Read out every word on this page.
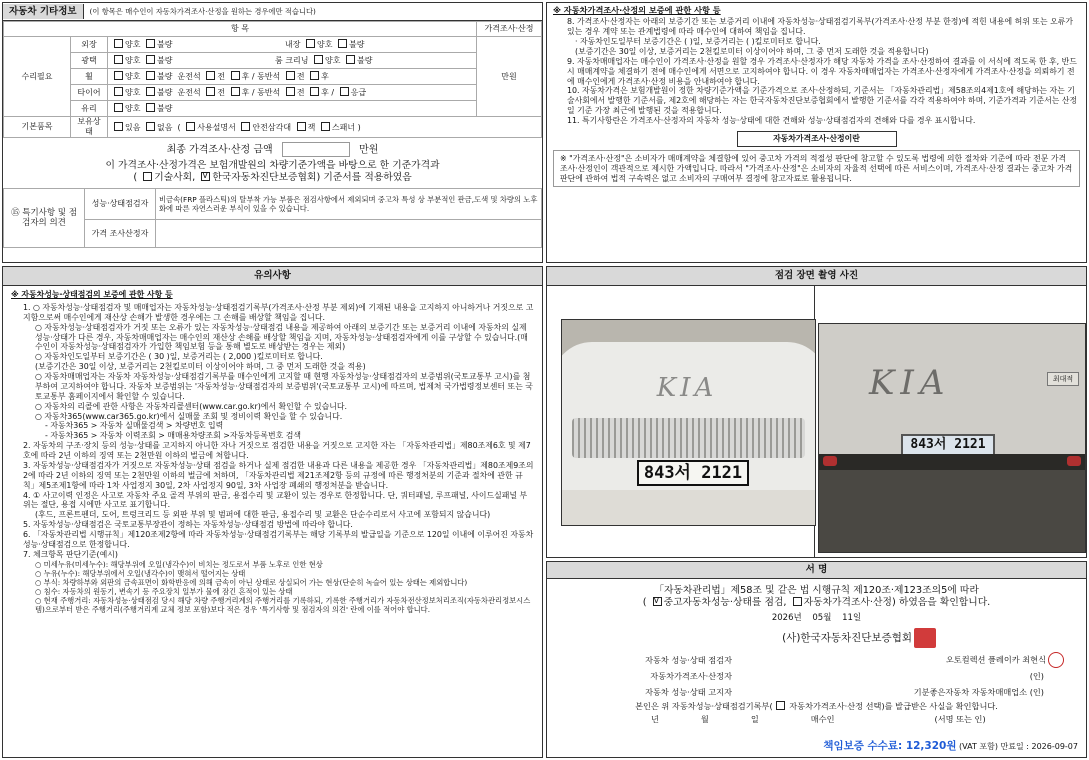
자동차 기타정보	(이 항목은 매수인이 자동차가격조사·산정을 원하는 경우에만 적습니다)
항 목			가격조사·산정
수리필요	외장	양호 불량 내장 양호 불량	만원
	광택	양호 불량 룸 크리닝 양호 불량	
	휠	양호 불량  운전석 전 후 / 동반석 전 후	
	타이어	양호 불량  운전석 전 후 / 동반석 전 후 / 응급	
	유리	양호 불량	
기본품목	보유상태	있음 없음  ( 사용설명서 안전삼각대 잭 스패너 )	
최종 가격조사·산정 금액	만원
이 가격조사·산정가격은 보험개발원의 차량기준가액을 바탕으로 한 기준가격과
( 기술사회, V한국자동차진단보증협회) 기준서를 적용하였음
⑮ 특기사항 및 점검자의 의견	성능·상태점검자	비금속(FRP 플라스틱)의 탈부착 가능 부품은 점검사항에서 제외되며 중고차 특성 상 부분적인 판금,도색 및 차량의 노후화에 따른 자연스러운 부식이 있을 수 있습니다.
	가격 조사산정자	
※ 자동차가격조사·산정의 보증에 관한 사항 등
8. 가격조사·산정자는 아래의 보증기간 또는 보증거리 이내에 자동차성능·상태점검기록부(가격조사·산정 부분 한정)에 적힌 내용에 허위 또는 오류가 있는 경우 계약 또는 관계법령에 따라 매수인에 대하여 책임을 집니다.
· 자동차인도일부터 보증기간은 ( )일, 보증거리는 ( )킬로미터로 합니다.
(보증기간은 30일 이상, 보증거리는 2천킬로미터 이상이어야 하며, 그 중 먼저 도래한 것을 적용합니다)
9. 자동차매매업자는 매수인이 가격조사·산정을 원할 경우 가격조사·산정자가 해당 자동차 가격을 조사·산정하여 결과를 이 서식에 적도록 한 후, 반드시 매매계약을 체결하기 전에 매수인에게 서면으로 고지하여야 합니다. 이 경우 자동차매매업자는 가격조사·산정자에게 가격조사·산정을 의뢰하기 전에 매수인에게 가격조사·산정 비용을 안내하여야 합니다.
10. 자동차가격은 보험개발원이 정한 차량기준가액을 기준가격으로 조사·산정하되, 기준서는 「자동차관리법」제58조의4제1호에 해당하는 자는 기술사회에서 발행한 기준서를, 제2호에 해당하는 자는 한국자동차진단보증협회에서 발행한 기준서를 각각 적용하여야 하며, 기준가격과 기준서는 산정일 기준 가장 최근에 발행된 것을 적용합니다.
11. 특기사항란은 가격조사·산정자의 자동차 성능·상태에 대한 견해와 성능·상태점검자의 견해와 다를 경우 표시합니다.
자동차가격조사·산정이란
※ "가격조사·산정"은 소비자가 매매계약을 체결함에 있어 중고차 가격의 적절성 판단에 참고할 수 있도록 법령에 의한 절차와 기준에 따라 전문 가격조사·산정인이 객관적으로 제시한 가액입니다. 따라서 "가격조사·산정"은 소비자의 자율적 선택에 따른 서비스이며, 가격조사·산정 결과는 중고차 가격판단에 관하여 법적 구속력은 없고 소비자의 구매여부 결정에 참고자료로 활용됩니다.
유의사항
※ 자동차성능·상태점검의 보증에 관한 사항 등
1. ○ 자동차성능·상태점검자 및 매매업자는 자동차성능·상태점검기록부(가격조사·산정 부분 제외)에 기재된 내용을 고지하지 아니하거나 거짓으로 고지함으로써 매수인에게 재산상 손해가 발생한 경우에는 그 손해를 배상할 책임을 집니다.
○ 자동차성능·상태점검자가 거짓 또는 오류가 있는 자동차성능·상태점검 내용을 제공하여 아래의 보증기간 또는 보증거리 이내에 자동차의 실제 성능·상태가 다른 경우, 자동차매매업자는 매수인의 재산상 손해를 배상할 책임을 지며, 자동차성능·상태점검자에게 이를 구상할 수 있습니다.(매수인이 자동차성능·상태점검자가 가입한 책임보험 등을 통해 별도로 배상받는 경우는 제외)
○ 자동차인도일부터 보증기간은 ( 30 )일, 보증거리는 ( 2,000 )킬로미터로 합니다.
(보증기간은 30일 이상, 보증거리는 2천킬로미터 이상이어야 하며, 그 중 먼저 도래한 것을 적용)
○ 자동차매매업자는 자동차 자동차성능·상태점검기록부를 매수인에게 고지할 때 현행 자동차성능·상태점검자의 보증범위(국토교통부 고시)를 첨부하여 고지하여야 합니다. 자동차 보증범위는 '자동차성능·상태점검자의 보증범위'(국토교통부 고시)에 따르며, 법제처 국가법령정보센터 또는 국토교통부 홈페이지에서 확인할 수 있습니다.
○ 자동차의 리콜에 관한 사항은 자동차리콜센터(www.car.go.kr)에서 확인할 수 있습니다.
○ 자동차365(www.car365.go.kr)에서 실매물 조회 및 정비이력 확인을 할 수 있습니다.
- 자동차365 > 자동차 실매물검색 > 차량번호 입력
- 자동차365 > 자동차 이력조회 > 매매용차량조회 >자동차등록번호 검색
2. 자동차의 구조·장치 등의 성능·상태를 고지하지 아니한 자나 거짓으로 점검한 내용을 거짓으로 고지한 자는 「자동차관리법」제80조제6호 및 제7호에 따라 2년 이하의 징역 또는 2천만원 이하의 벌금에 처합니다.
3. 자동차성능·상태점검자가 거짓으로 자동차성능·상태 점검을 하거나 실제 점검한 내용과 다른 내용을 제공한 경우 「자동차관리법」제80조제9조의2에 따라 2년 이하의 징역 또는 2천만원 이하의 벌금에 처하며, 「자동차관리법 제21조제2항 등의 규정에 따른 행정처분의 기준과 절차에 관한 규칙」제5조제1항에 따라 1차 사업정지 30일, 2차 사업정지 90일, 3차 사업장 폐쇄의 행정처분을 받습니다.
4. ① 사고이력 인정은 사고로 자동차 주요 골격 부위의 판금, 용접수리 및 교환이 있는 경우로 한정합니다. 단, 쿼터패널, 루프패널, 사이드실패널 부위는 절단, 용접 시에만 사고로 표기합니다.
(후드, 프론트펜더, 도어, 트렁크리드 등 외판 부위 및 범퍼에 대한 판금, 용접수리 및 교환은 단순수리로서 사고에 포함되지 않습니다)
5. 자동차성능·상태점검은 국토교통부장관이 정하는 자동차성능·상태점검 방법에 따라야 합니다.
6. 「자동차관리법 시행규칙」제120조제2항에 따라 자동차성능·상태점검기록부는 해당 기록부의 발급일을 기준으로 120일 이내에 이루어진 자동차 성능·상태점검으로 한정합니다.
7. 체크항목 판단기준(예시)
○ 미세누유(미세누수): 해당부위에 오일(냉각수)이 비치는 정도로서 부품 노후로 인한 현상
○ 누유(누수): 해당부위에서 오일(냉각수)이 맺혀서 떨어지는 상태
○ 부식: 차량하부와 외판의 금속표면이 화학반응에 의해 금속이 아닌 상태로 상실되어 가는 현상(단순히 녹슬어 있는 상태는 제외합니다)
○ 침수: 자동차의 원동기, 변속기 등 주요장치 일부가 물에 잠긴 흔적이 있는 상태
○ 현재 주행거리: 자동차성능·상태점검 당시 해당 차량 주행거리계의 주행거리를 기록하되, 기록한 주행거리가 자동차전산정보처리조직(자동차관리정보시스템)으로부터 받은 주행거리(주행거리계 교체 정보 포함)보다 적은 경우 '특기사항 및 점검자의 의견' 란에 이를 적어야 합니다.
점검 장면 촬영 사진
KIA
843서 2121
KIA	최대적
843서 2121
서 명
「자동차관리법」제58조 및 같은 법 시행규칙 제120조·제123조의5에 따라
( V중고자동차성능·상태를 점검, 자동차가격조사·산정) 하였음을 확인합니다.
2026년 05월 11일
(사)한국자동차진단보증협회
자동차 성능·상태 점검자	오토컬렉션 플레이카 최현식
자동차가격조사·산정자	(인)
자동차 성능·상태 고지자	기분좋은자동차 자동차매매업소 (인)
본인은 위 자동차성능·상태점검기록부( 자동차가격조사·산정 선택)를 발급받은 사실을 확인합니다.
년	월	일	매수인	(서명 또는 인)
책임보증 수수료: 12,320원 (VAT 포함) 만료일 : 2026-09-07
